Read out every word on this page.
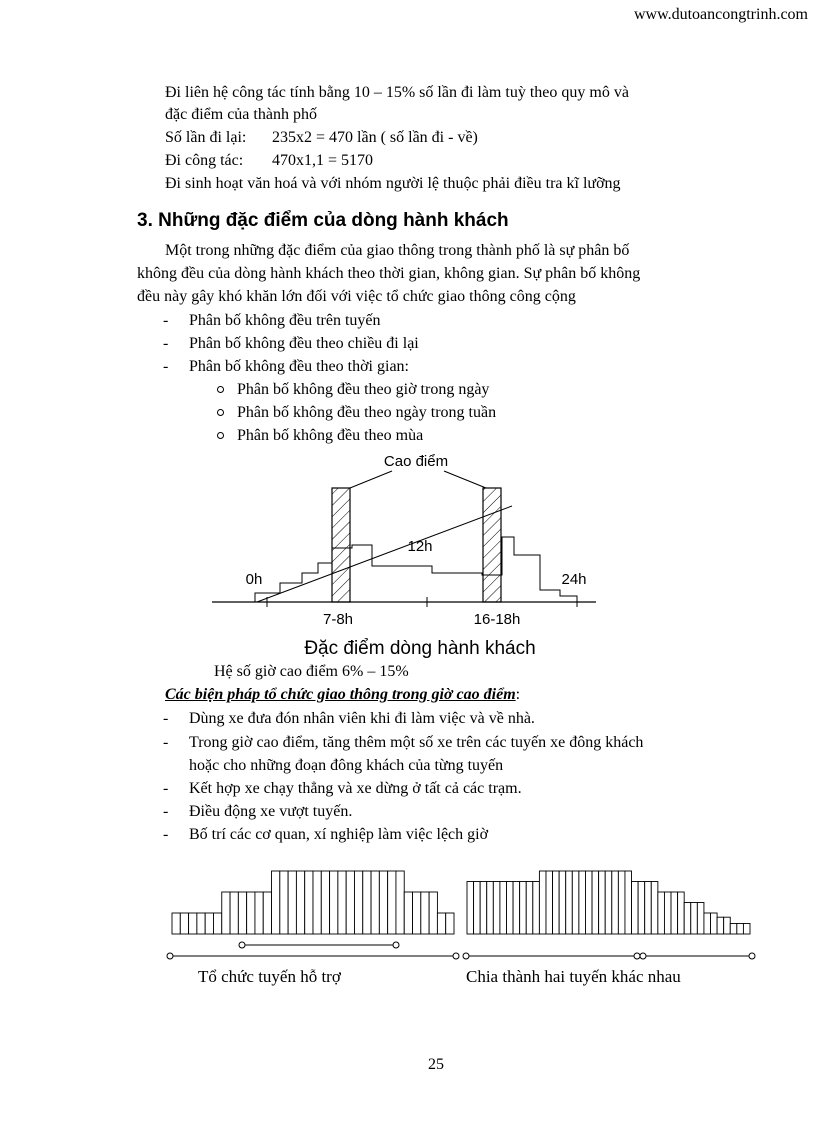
www.dutoancongtrinh.com
Đi liên hệ công tác tính bằng 10 – 15% số lần đi làm tuỳ theo quy mô và
đặc điểm của thành phố
Số lần đi lại: 235x2 = 470 lần ( số lần đi - về)
Đi công tác: 470x1,1 = 5170
Đi sinh hoạt văn hoá và với nhóm người lệ thuộc phải điều tra kĩ lưỡng
3. Những đặc điểm của dòng hành khách
Một trong những đặc điểm của giao thông trong thành phố là sự phân bố
không đều của dòng hành khách theo thời gian, không gian. Sự phân bố không
đều này gây khó khăn lớn đối với việc tổ chức giao thông công cộng
- Phân bố không đều trên tuyến
- Phân bố không đều theo chiều đi lại
- Phân bố không đều theo thời gian:
Phân bố không đều theo giờ trong ngày
Phân bố không đều theo ngày trong tuần
Phân bố không đều theo mùa
Cao điểm
12h
0h	24h
7-8h	16-18h
Đặc điểm dòng hành khách
Hệ số giờ cao điểm 6% – 15%
Các biện pháp tổ chức giao thông trong giờ cao điểm:
- Dùng xe đưa đón nhân viên khi đi làm việc và về nhà.
- Trong giờ cao điểm, tăng thêm một số xe trên các tuyến xe đông khách
hoặc cho những đoạn đông khách của từng tuyến
- Kết hợp xe chạy thẳng và xe dừng ở tất cả các trạm.
- Điều động xe vượt tuyến.
- Bố trí các cơ quan, xí nghiệp làm việc lệch giờ
Tổ chức tuyến hỗ trợ	Chia thành hai tuyến khác nhau
25
